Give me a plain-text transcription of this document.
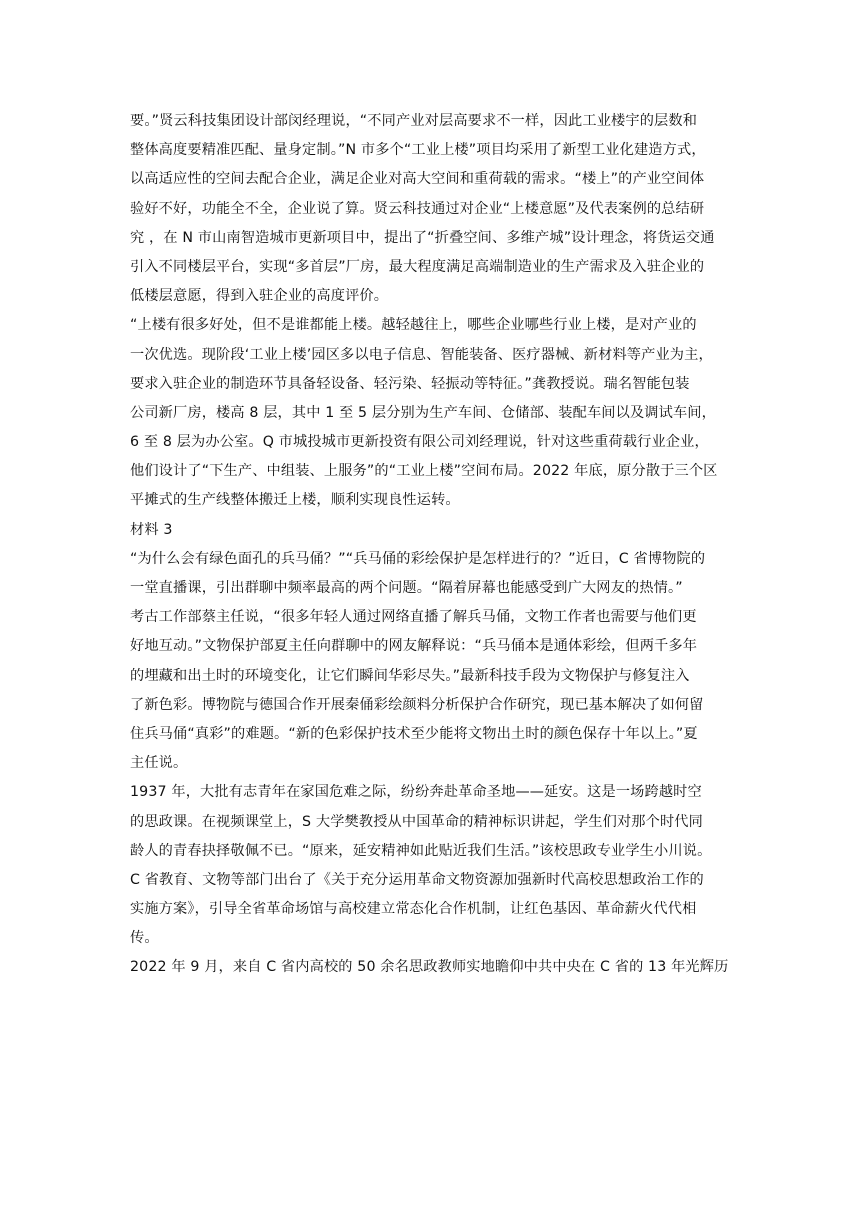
要。”贤云科技集团设计部闵经理说，“不同产业对层高要求不一样，因此工业楼宇的层数和
整体高度要精准匹配、量身定制。”N 市多个“工业上楼”项目均采用了新型工业化建造方式，
以高适应性的空间去配合企业，满足企业对高大空间和重荷载的需求。“楼上”的产业空间体
验好不好，功能全不全，企业说了算。贤云科技通过对企业“上楼意愿”及代表案例的总结研
究 ，在 N 市山南智造城市更新项目中，提出了“折叠空间、多维产城”设计理念，将货运交通
引入不同楼层平台，实现“多首层”厂房，最大程度满足高端制造业的生产需求及入驻企业的
低楼层意愿，得到入驻企业的高度评价。
“上楼有很多好处，但不是谁都能上楼。越轻越往上，哪些企业哪些行业上楼，是对产业的
一次优选。现阶段‘工业上楼’园区多以电子信息、智能装备、医疗器械、新材料等产业为主，
要求入驻企业的制造环节具备轻设备、轻污染、轻振动等特征。”龚教授说。瑞名智能包装
公司新厂房，楼高 8 层，其中 1 至 5 层分别为生产车间、仓储部、装配车间以及调试车间，
6 至 8 层为办公室。Q 市城投城市更新投资有限公司刘经理说，针对这些重荷载行业企业，
他们设计了“下生产、中组装、上服务”的“工业上楼”空间布局。2022 年底，原分散于三个区
平摊式的生产线整体搬迁上楼，顺利实现良性运转。
材料 3
“为什么会有绿色面孔的兵马俑？”“兵马俑的彩绘保护是怎样进行的？”近日，C 省博物院的
一堂直播课，引出群聊中频率最高的两个问题。“隔着屏幕也能感受到广大网友的热情。”
考古工作部蔡主任说，“很多年轻人通过网络直播了解兵马俑，文物工作者也需要与他们更
好地互动。”文物保护部夏主任向群聊中的网友解释说：“兵马俑本是通体彩绘，但两千多年
的埋藏和出土时的环境变化，让它们瞬间华彩尽失。”最新科技手段为文物保护与修复注入
了新色彩。博物院与德国合作开展秦俑彩绘颜料分析保护合作研究，现已基本解决了如何留
住兵马俑“真彩”的难题。“新的色彩保护技术至少能将文物出土时的颜色保存十年以上。”夏
主任说。
1937 年，大批有志青年在家国危难之际，纷纷奔赴革命圣地——延安。这是一场跨越时空
的思政课。在视频课堂上，S 大学樊教授从中国革命的精神标识讲起，学生们对那个时代同
龄人的青春抉择敬佩不已。“原来，延安精神如此贴近我们生活。”该校思政专业学生小川说。
C 省教育、文物等部门出台了《关于充分运用革命文物资源加强新时代高校思想政治工作的
实施方案》，引导全省革命场馆与高校建立常态化合作机制，让红色基因、革命薪火代代相
传。
2022 年 9 月，来自 C 省内高校的 50 余名思政教师实地瞻仰中共中央在 C 省的 13 年光辉历
